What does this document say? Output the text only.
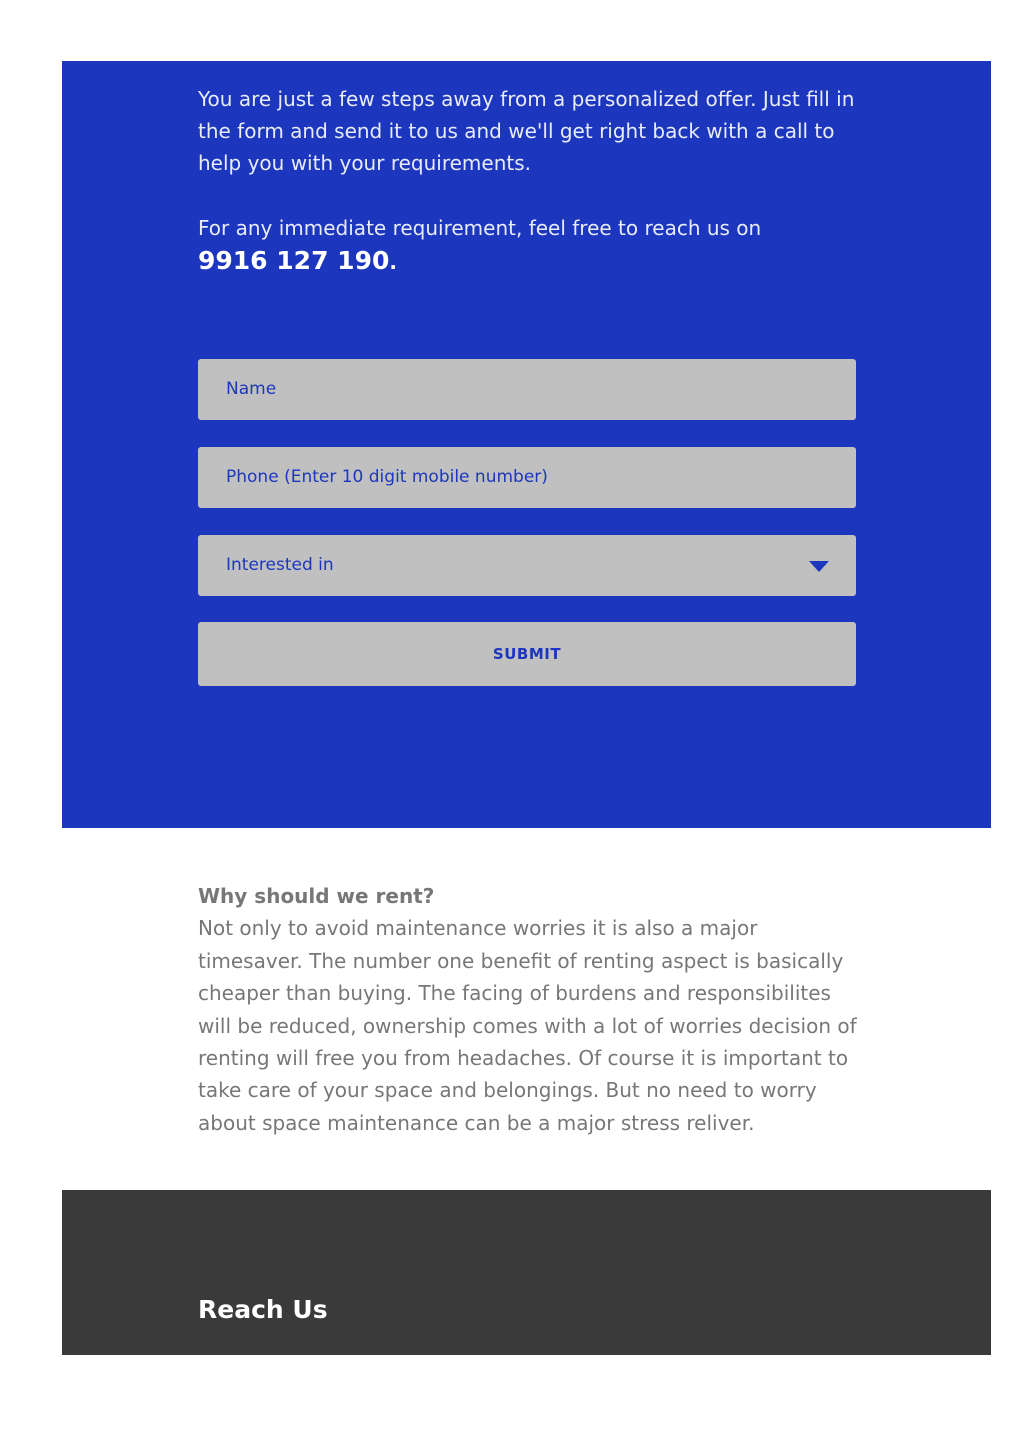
You are just a few steps away from a personalized offer. Just fill in the form and send it to us and we'll get right back with a call to help you with your requirements.

For any immediate requirement, feel free to reach us on
9916 127 190.

Name
Phone (Enter 10 digit mobile number)
Interested in
SUBMIT
Why should we rent?
Not only to avoid maintenance worries it is also a major timesaver. The number one benefit of renting aspect is basically cheaper than buying. The facing of burdens and responsibilites will be reduced, ownership comes with a lot of worries decision of renting will free you from headaches. Of course it is important to take care of your space and belongings. But no need to worry about space maintenance can be a major stress reliver.
Reach Us
